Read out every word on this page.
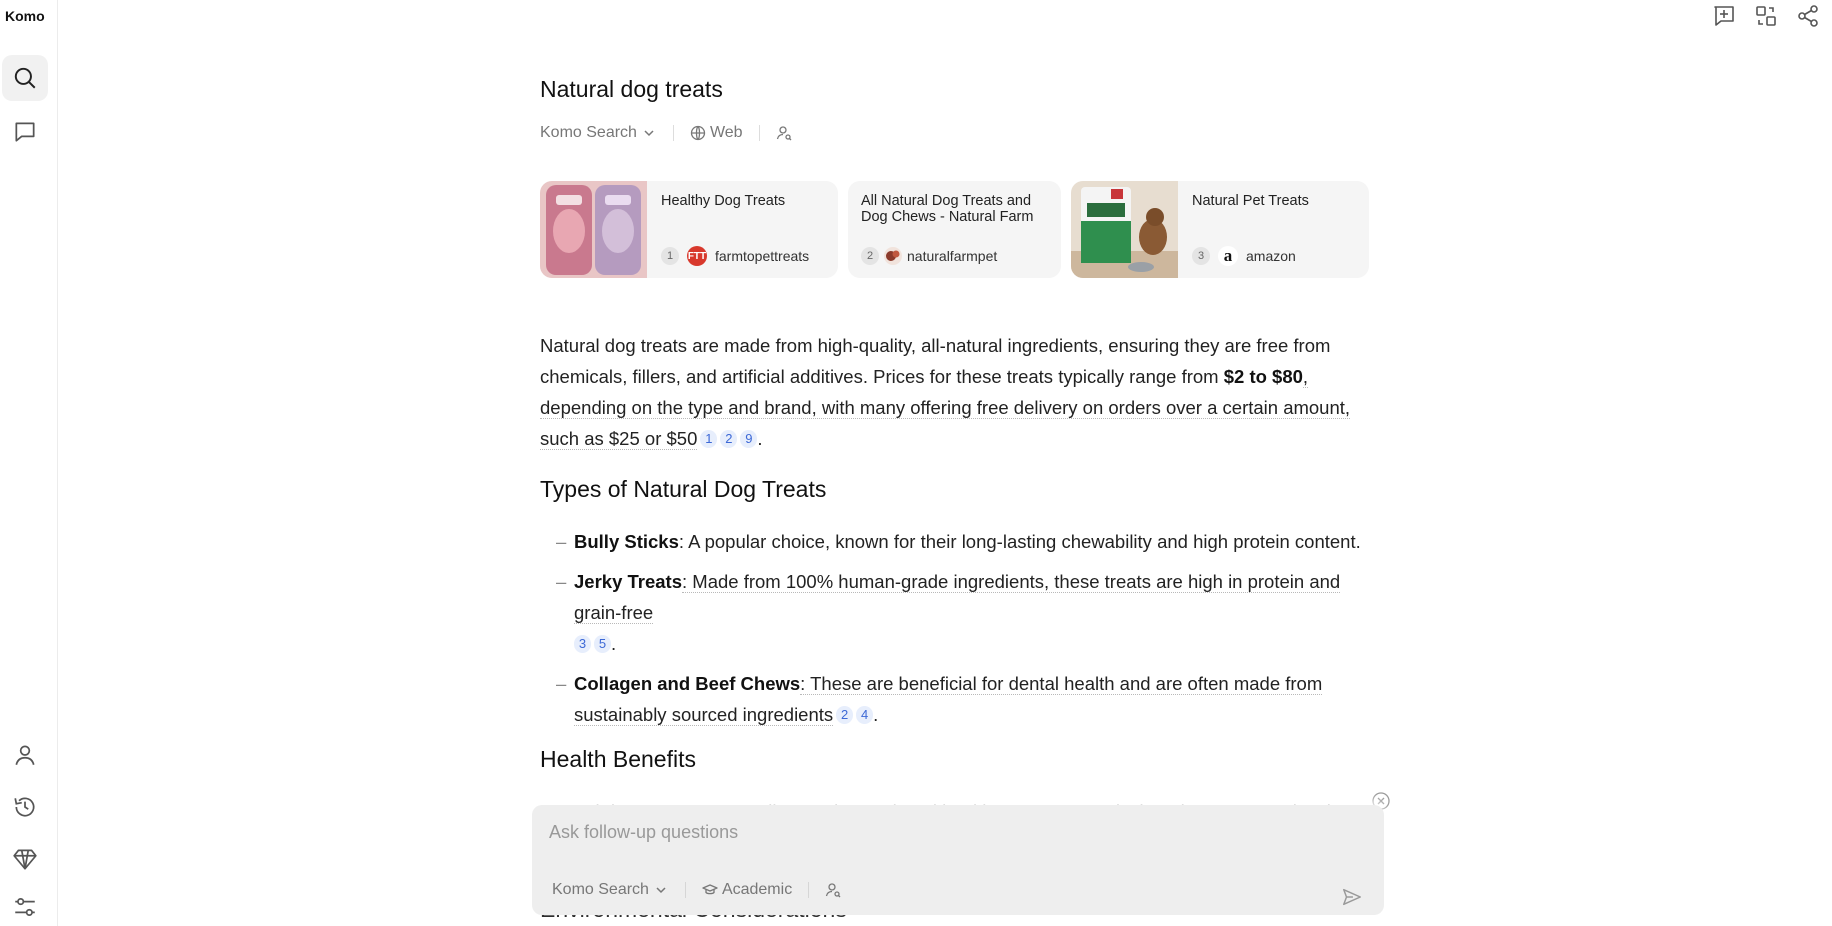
Komo
Natural dog treats
Komo Search	Web
Healthy Dog Treats
1	FTT farmtopettreats
All Natural Dog Treats and Dog Chews - Natural Farm
2	naturalfarmpet
Natural Pet Treats
3	a amazon

Natural dog treats are made from high-quality, all-natural ingredients, ensuring they are free from chemicals, fillers, and artificial additives. Prices for these treats typically range from $2 to $80, depending on the type and brand, with many offering free delivery on orders over a certain amount, such as $25 or $50 1 2 9 .

Types of Natural Dog Treats
– Bully Sticks: A popular choice, known for their long-lasting chewability and high protein content.
– Jerky Treats: Made from 100% human-grade ingredients, these treats are high in protein and grain-free
3 5 .
– Collagen and Beef Chews: These are beneficial for dental health and are often made from sustainably sourced ingredients 2 4 .
Health Benefits

Ask follow-up questions
Komo Search	Academic
